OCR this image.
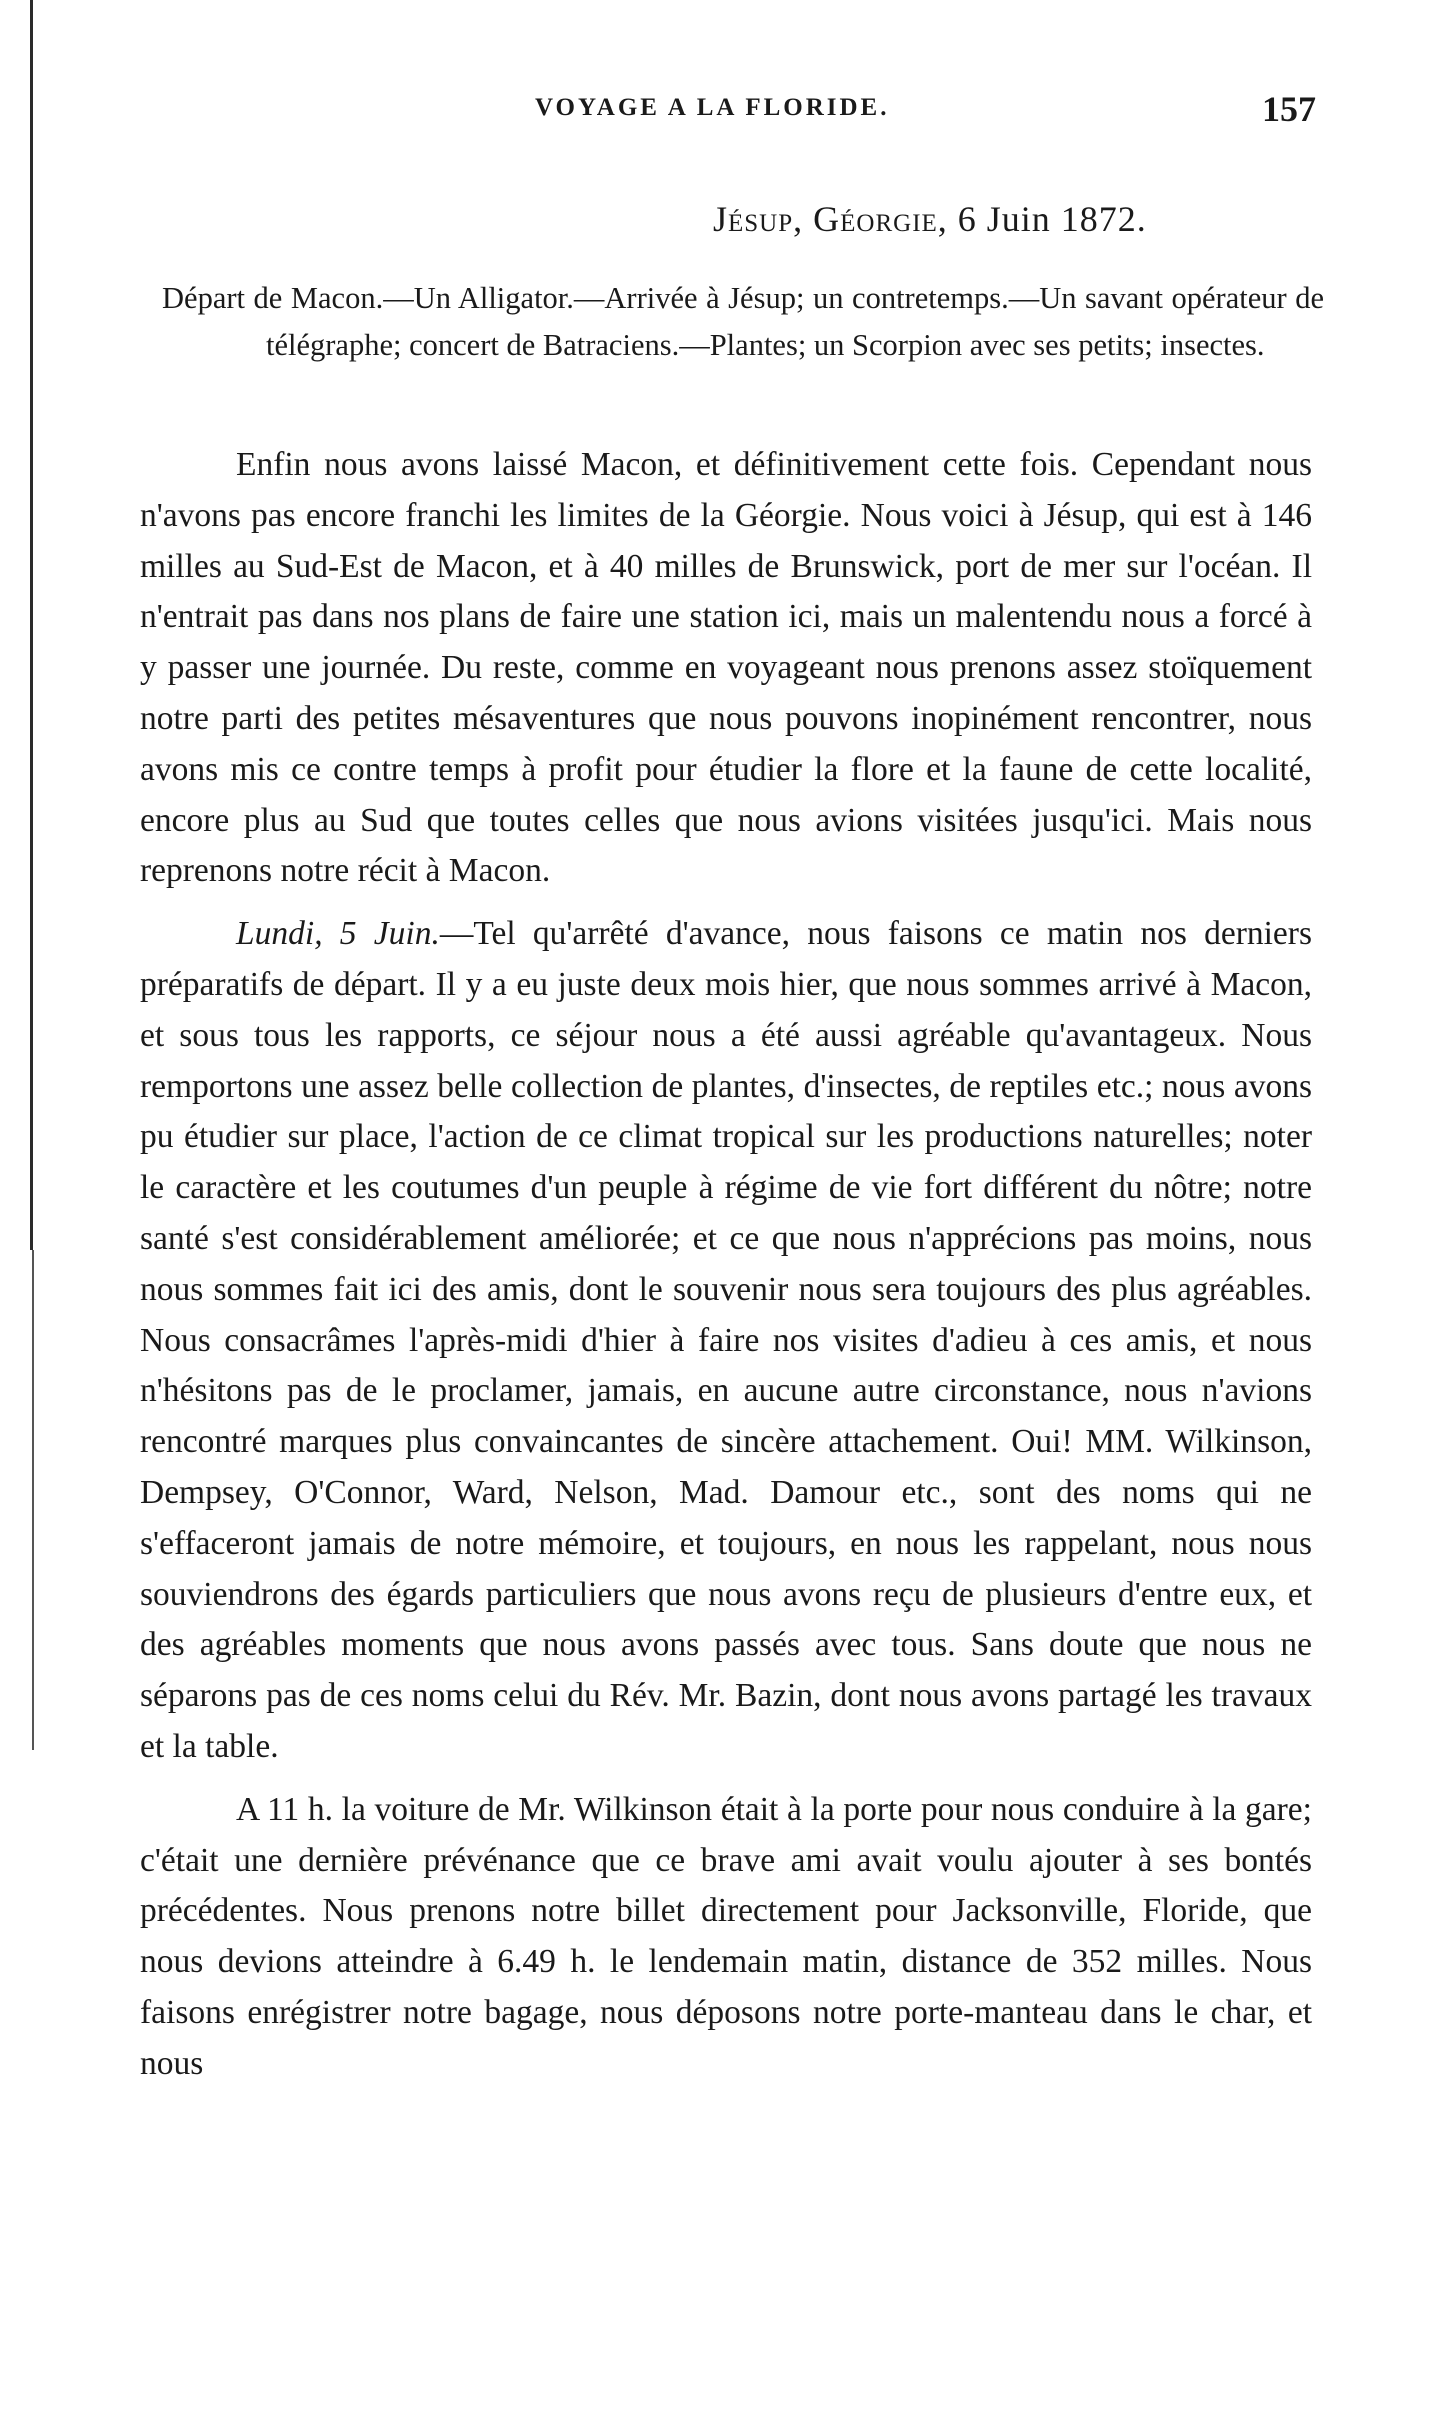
VOYAGE A LA FLORIDE.	157
Jésup, Géorgie, 6 Juin 1872.

Départ de Macon.—Un Alligator.—Arrivée à Jésup; un contretemps.—Un savant opérateur de télégraphe; concert de Batraciens.—Plantes; un Scorpion avec ses petits; insectes.

Enfin nous avons laissé Macon, et définitivement cette fois. Cependant nous n'avons pas encore franchi les limites de la Géorgie. Nous voici à Jésup, qui est à 146 milles au Sud-Est de Macon, et à 40 milles de Brunswick, port de mer sur l'océan. Il n'entrait pas dans nos plans de faire une station ici, mais un malentendu nous a forcé à y passer une journée. Du reste, comme en voyageant nous prenons assez stoïquement notre parti des petites mésaventures que nous pouvons inopinément rencontrer, nous avons mis ce contre temps à profit pour étudier la flore et la faune de cette localité, encore plus au Sud que toutes celles que nous avions visitées jusqu'ici. Mais nous reprenons notre récit à Macon.

Lundi, 5 Juin.—Tel qu'arrêté d'avance, nous faisons ce matin nos derniers préparatifs de départ. Il y a eu juste deux mois hier, que nous sommes arrivé à Macon, et sous tous les rapports, ce séjour nous a été aussi agréable qu'avantageux. Nous remportons une assez belle collection de plantes, d'insectes, de reptiles etc.; nous avons pu étudier sur place, l'action de ce climat tropical sur les productions naturelles; noter le caractère et les coutumes d'un peuple à régime de vie fort différent du nôtre; notre santé s'est considérablement améliorée; et ce que nous n'apprécions pas moins, nous nous sommes fait ici des amis, dont le souvenir nous sera toujours des plus agréables. Nous consacrâmes l'après-midi d'hier à faire nos visites d'adieu à ces amis, et nous n'hésitons pas de le proclamer, jamais, en aucune autre circonstance, nous n'avions rencontré marques plus convaincantes de sincère attachement. Oui! MM. Wilkinson, Dempsey, O'Connor, Ward, Nelson, Mad. Damour etc., sont des noms qui ne s'effaceront jamais de notre mémoire, et toujours, en nous les rappelant, nous nous souviendrons des égards particuliers que nous avons reçu de plusieurs d'entre eux, et des agréables moments que nous avons passés avec tous. Sans doute que nous ne séparons pas de ces noms celui du Rév. Mr. Bazin, dont nous avons partagé les travaux et la table.

A 11 h. la voiture de Mr. Wilkinson était à la porte pour nous conduire à la gare; c'était une dernière prévénance que ce brave ami avait voulu ajouter à ses bontés précédentes. Nous prenons notre billet directement pour Jacksonville, Floride, que nous devions atteindre à 6.49 h. le lendemain matin, distance de 352 milles. Nous faisons enrégistrer notre bagage, nous déposons notre porte-manteau dans le char, et nous
